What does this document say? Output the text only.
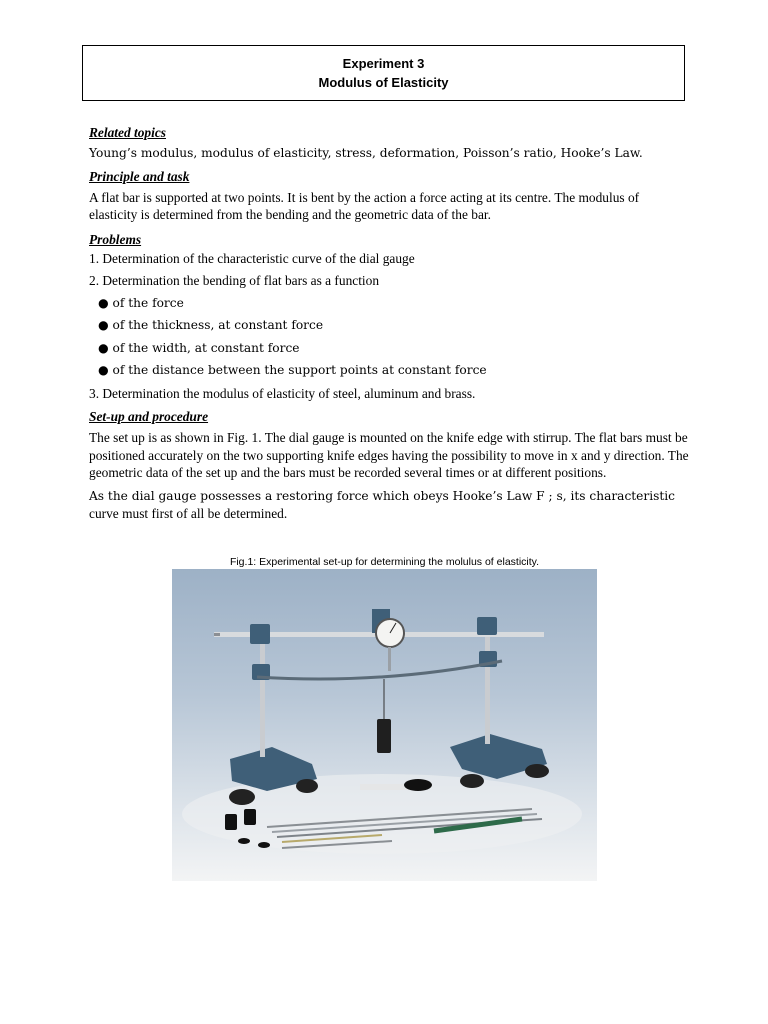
Experiment 3
Modulus of Elasticity

Related topics

Young’s modulus, modulus of elasticity, stress, deformation, Poisson’s ratio, Hooke’s Law.

Principle and task

A flat bar is supported at two points. It is bent by the action a force acting at its centre. The modulus of elasticity is determined from the bending and the geometric data of the bar.

Problems

1. Determination of the characteristic curve of the dial gauge

2. Determination the bending of flat bars as a function

● of the force

● of the thickness, at constant force

● of the width, at constant force

● of the distance between the support points at constant force

3. Determination the modulus of elasticity of steel, aluminum and brass.

Set-up and procedure

The set up is as shown in Fig. 1. The dial gauge is mounted on the knife edge with stirrup. The flat bars must be positioned accurately on the two supporting knife edges having the possibility to move in x and y direction. The geometric data of the set up and the bars must be recorded several times or at different positions.

As the dial gauge possesses a restoring force which obeys Hooke’s Law F ; s, its characteristic
curve must first of all be determined.

Fig.1: Experimental set-up for determining the molulus of elasticity.
